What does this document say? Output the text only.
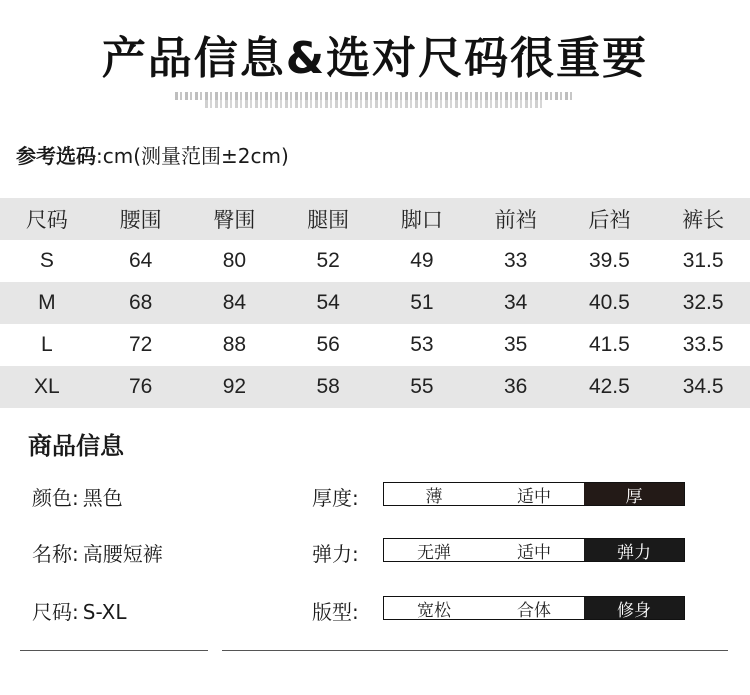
产品信息&选对尺码很重要
参考选码:cm(测量范围±2cm)
尺码	腰围	臀围	腿围	脚口	前裆	后裆	裤长
S	64	80	52	49	33	39.5	31.5
M	68	84	54	51	34	40.5	32.5
L	72	88	56	53	35	41.5	33.5
XL	76	92	58	55	36	42.5	34.5
商品信息
颜色: 黑色
名称: 高腰短裤
尺码: S-XL
厚度:	薄	适中	厚
弹力:	无弹	适中	弹力
版型:	宽松	合体	修身
